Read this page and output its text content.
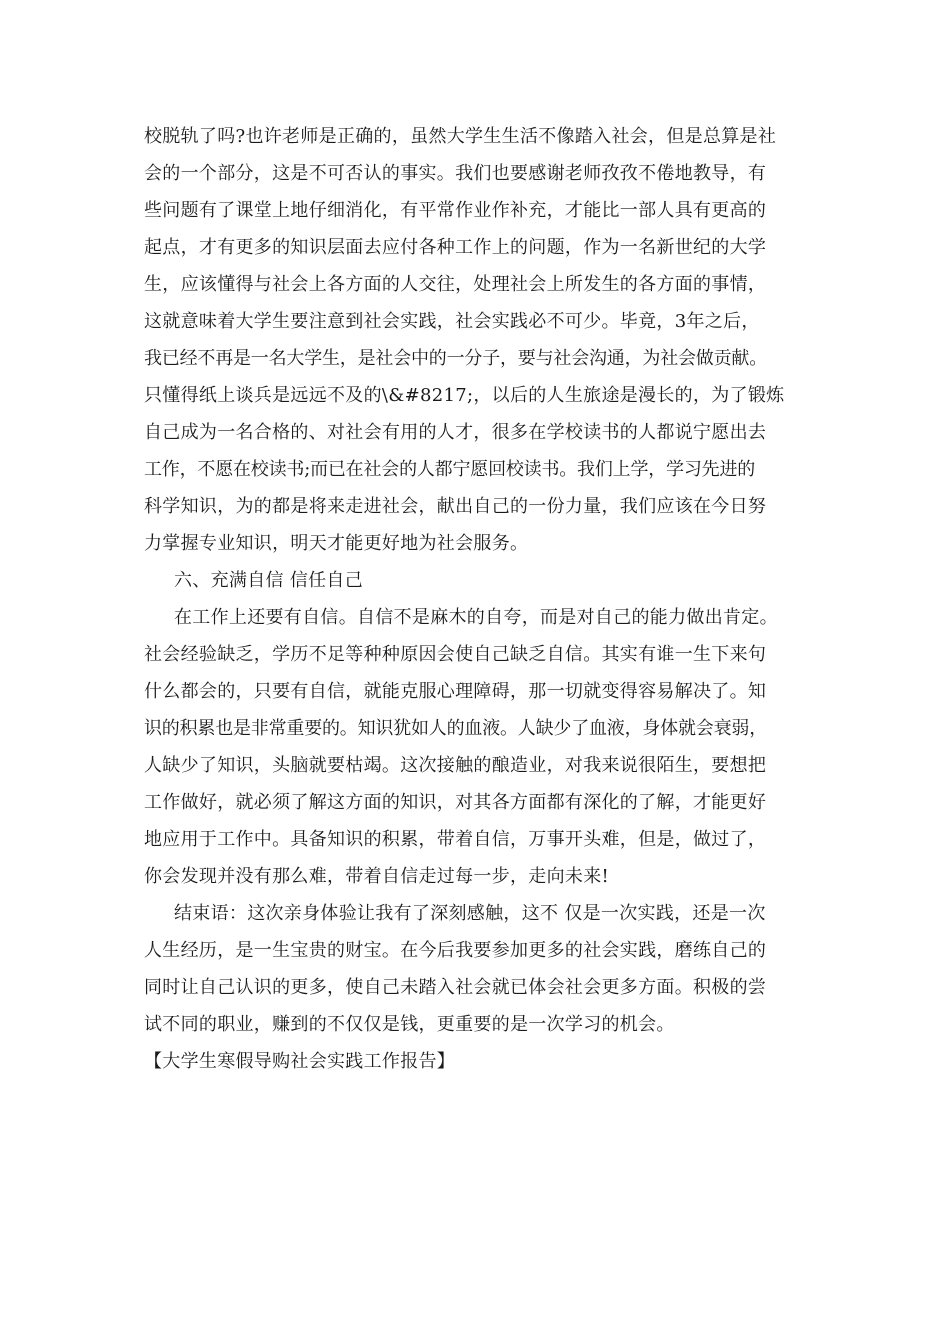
校脱轨了吗?也许老师是正确的，虽然大学生生活不像踏入社会，但是总算是社
会的一个部分，这是不可否认的事实。我们也要感谢老师孜孜不倦地教导，有
些问题有了课堂上地仔细消化，有平常作业作补充，才能比一部人具有更高的
起点，才有更多的知识层面去应付各种工作上的问题，作为一名新世纪的大学
生，应该懂得与社会上各方面的人交往，处理社会上所发生的各方面的事情，
这就意味着大学生要注意到社会实践，社会实践必不可少。毕竟，3年之后，
我已经不再是一名大学生，是社会中的一分子，要与社会沟通，为社会做贡献。
只懂得纸上谈兵是远远不及的\&#8217;，以后的人生旅途是漫长的，为了锻炼
自己成为一名合格的、对社会有用的人才，很多在学校读书的人都说宁愿出去
工作，不愿在校读书;而已在社会的人都宁愿回校读书。我们上学，学习先进的
科学知识，为的都是将来走进社会，献出自己的一份力量，我们应该在今日努
力掌握专业知识，明天才能更好地为社会服务。
六、充满自信 信任自己
在工作上还要有自信。自信不是麻木的自夸，而是对自己的能力做出肯定。
社会经验缺乏，学历不足等种种原因会使自己缺乏自信。其实有谁一生下来句
什么都会的，只要有自信，就能克服心理障碍，那一切就变得容易解决了。知
识的积累也是非常重要的。知识犹如人的血液。人缺少了血液，身体就会衰弱，
人缺少了知识，头脑就要枯竭。这次接触的酿造业，对我来说很陌生，要想把
工作做好，就必须了解这方面的知识，对其各方面都有深化的了解，才能更好
地应用于工作中。具备知识的积累，带着自信，万事开头难，但是，做过了，
你会发现并没有那么难，带着自信走过每一步，走向未来!
结束语：这次亲身体验让我有了深刻感触，这不 仅是一次实践，还是一次
人生经历，是一生宝贵的财宝。在今后我要参加更多的社会实践，磨练自己的
同时让自己认识的更多，使自己未踏入社会就已体会社会更多方面。积极的尝
试不同的职业，赚到的不仅仅是钱，更重要的是一次学习的机会。
【大学生寒假导购社会实践工作报告】
